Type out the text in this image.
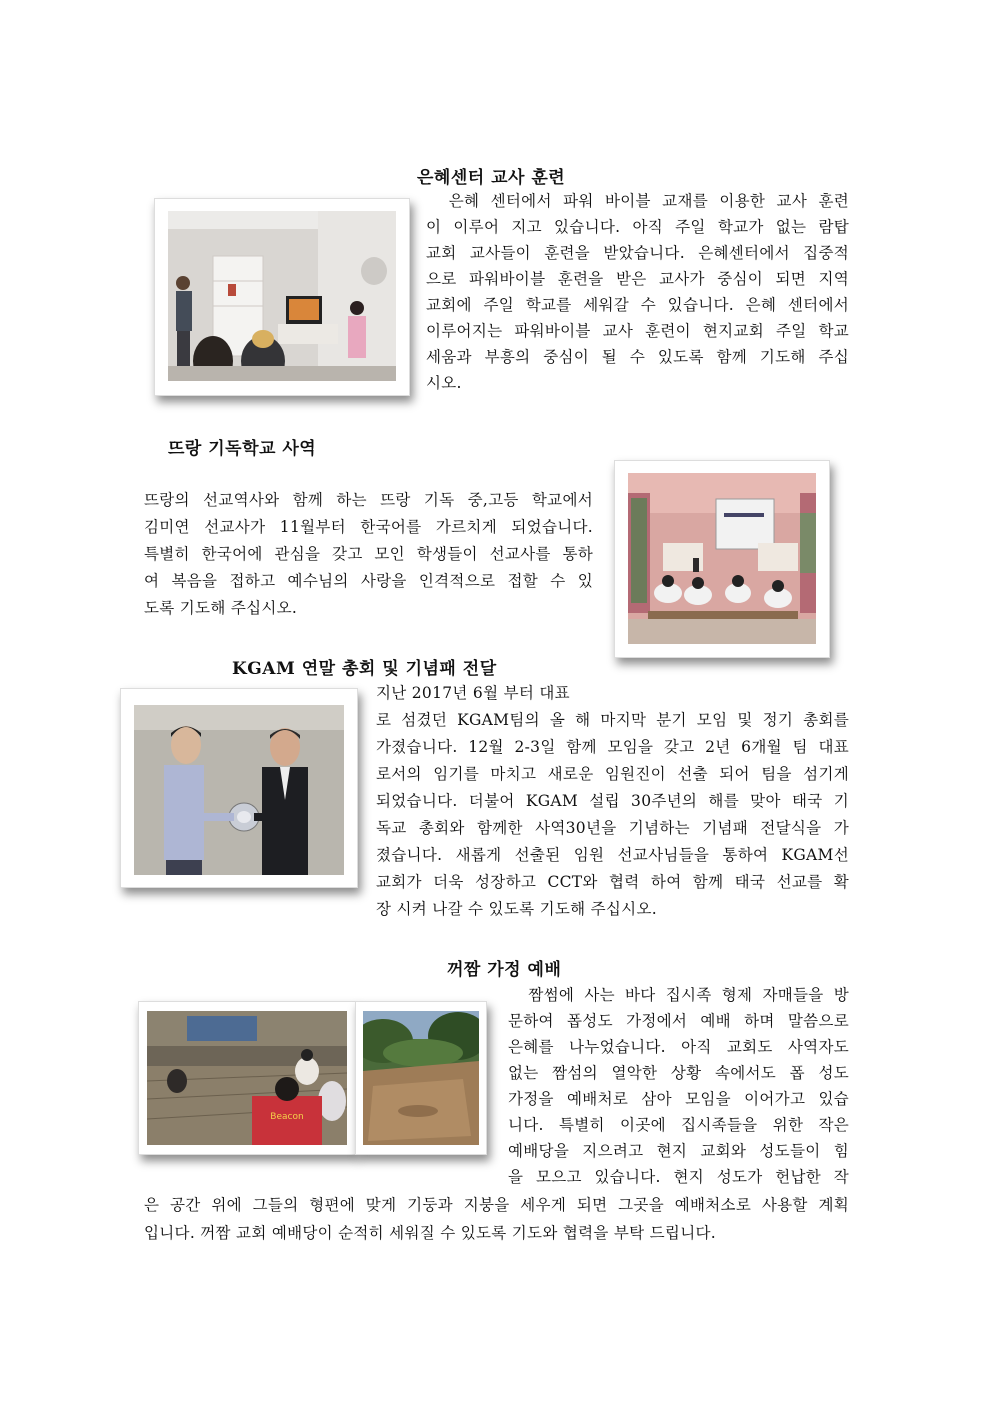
은혜센터 교사 훈련
은혜 센터에서 파워 바이블 교재를 이용한 교사 훈련
이 이루어 지고 있습니다. 아직 주일 학교가 없는 람탑
교회 교사들이 훈련을 받았습니다. 은혜센터에서 집중적
으로 파워바이블 훈련을 받은 교사가 중심이 되면 지역
교회에 주일 학교를 세워갈 수 있습니다. 은혜 센터에서
이루어지는 파워바이블 교사 훈련이 현지교회 주일 학교
세움과 부흥의 중심이 될 수 있도록 함께 기도해 주십
시오.
뜨랑 기독학교 사역
뜨랑의 선교역사와 함께 하는 뜨랑 기독 중,고등 학교에서
김미연 선교사가 11월부터 한국어를 가르치게 되었습니다.
특별히 한국어에 관심을 갖고 모인 학생들이 선교사를 통하
여 복음을 접하고 예수님의 사랑을 인격적으로 접할 수 있
도록 기도해 주십시오.
KGAM 연말 총회 및 기념패 전달
지난 2017년 6월 부터 대표
로 섬겼던 KGAM팀의 올 해 마지막 분기 모임 및 정기 총회를
가졌습니다. 12월 2-3일 함께 모임을 갖고 2년 6개월 팀 대표
로서의 임기를 마치고 새로운 임원진이 선출 되어 팀을 섬기게
되었습니다. 더불어 KGAM 설립 30주년의 해를 맞아 태국 기
독교 총회와 함께한 사역30년을 기념하는 기념패 전달식을 가
졌습니다. 새롭게 선출된 임원 선교사님들을 통하여 KGAM선
교회가 더욱 성장하고 CCT와 협력 하여 함께 태국 선교를 확
장 시켜 나갈 수 있도록 기도해 주십시오.
꺼짬 가정 예배
Beacon
짬썸에 사는 바다 집시족 형제 자매들을 방
문하여 폽성도 가정에서 예배 하며 말씀으로
은혜를 나누었습니다. 아직 교회도 사역자도
없는 짬섬의 열악한 상황 속에서도 폽 성도
가정을 예배처로 삼아 모임을 이어가고 있습
니다. 특별히 이곳에 집시족들을 위한 작은
예배당을 지으려고 현지 교회와 성도들이 힘
을 모으고 있습니다. 현지 성도가 헌납한 작
은 공간 위에 그들의 형편에 맞게 기둥과 지붕을 세우게 되면 그곳을 예배처소로 사용할 계획
입니다. 꺼짬 교회 예배당이 순적히 세워질 수 있도록 기도와 협력을 부탁 드립니다.
